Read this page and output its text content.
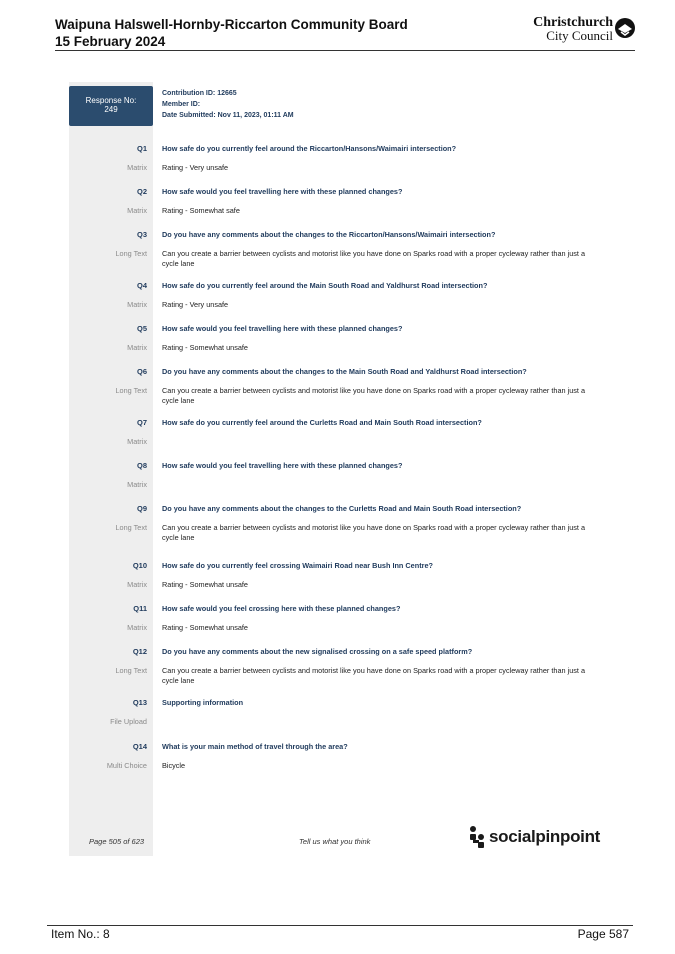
Waipuna Halswell-Hornby-Riccarton Community Board
15 February 2024
Christchurch
City Council
Response No:
249
Contribution ID: 12665
Member ID:
Date Submitted: Nov 11, 2023, 01:11 AM
Q1 How safe do you currently feel around the Riccarton/Hansons/Waimairi intersection?
Matrix Rating - Very unsafe
Q2 How safe would you feel travelling here with these planned changes?
Matrix Rating - Somewhat safe
Q3 Do you have any comments about the changes to the Riccarton/Hansons/Waimairi intersection?
Long Text Can you create a barrier between cyclists and motorist like you have done on Sparks road with a proper cycleway rather than just a cycle lane
Q4 How safe do you currently feel around the Main South Road and Yaldhurst Road intersection?
Matrix Rating - Very unsafe
Q5 How safe would you feel travelling here with these planned changes?
Matrix Rating - Somewhat unsafe
Q6 Do you have any comments about the changes to the Main South Road and Yaldhurst Road intersection?
Long Text Can you create a barrier between cyclists and motorist like you have done on Sparks road with a proper cycleway rather than just a cycle lane
Q7 How safe do you currently feel around the Curletts Road and Main South Road intersection?
Matrix
Q8 How safe would you feel travelling here with these planned changes?
Matrix
Q9 Do you have any comments about the changes to the Curletts Road and Main South Road intersection?
Long Text Can you create a barrier between cyclists and motorist like you have done on Sparks road with a proper cycleway rather than just a cycle lane
Q10 How safe do you currently feel crossing Waimairi Road near Bush Inn Centre?
Matrix Rating - Somewhat unsafe
Q11 How safe would you feel crossing here with these planned changes?
Matrix Rating - Somewhat unsafe
Q12 Do you have any comments about the new signalised crossing on a safe speed platform?
Long Text Can you create a barrier between cyclists and motorist like you have done on Sparks road with a proper cycleway rather than just a cycle lane
Q13 Supporting information
File Upload
Q14 What is your main method of travel through the area?
Multi Choice Bicycle
Page 505 of 623	Tell us what you think	socialpinpoint
Item No.: 8	Page 587
